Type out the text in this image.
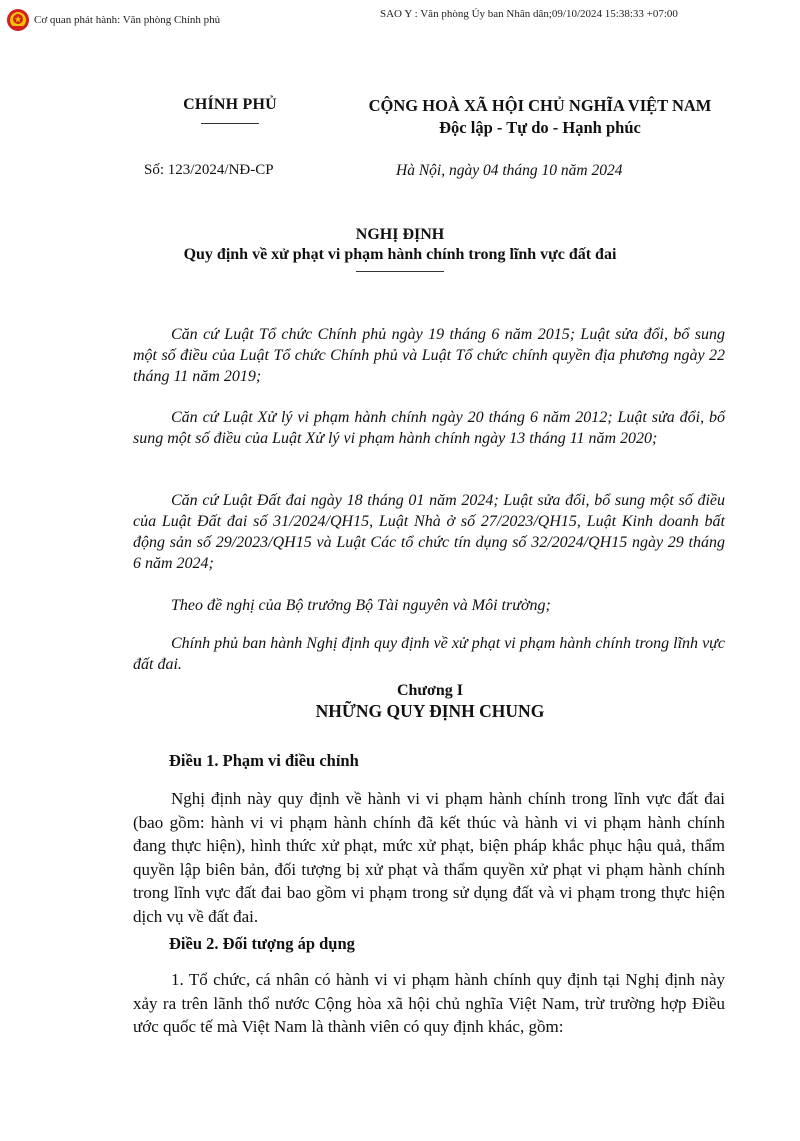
Cơ quan phát hành: Văn phòng Chính phủ	SAO Y : Văn phòng Ủy ban Nhân dân;09/10/2024 15:38:33 +07:00
CHÍNH PHỦ	CỘNG HOÀ XÃ HỘI CHỦ NGHĨA VIỆT NAM
Độc lập - Tự do - Hạnh phúc
Số: 123/2024/NĐ-CP	Hà Nội, ngày 04 tháng 10 năm 2024
NGHỊ ĐỊNH
Quy định về xử phạt vi phạm hành chính trong lĩnh vực đất đai
Căn cứ Luật Tổ chức Chính phủ ngày 19 tháng 6 năm 2015; Luật sửa đổi, bổ sung một số điều của Luật Tổ chức Chính phủ và Luật Tổ chức chính quyền địa phương ngày 22 tháng 11 năm 2019;
Căn cứ Luật Xử lý vi phạm hành chính ngày 20 tháng 6 năm 2012; Luật sửa đổi, bổ sung một số điều của Luật Xử lý vi phạm hành chính ngày 13 tháng 11 năm 2020;
Căn cứ Luật Đất đai ngày 18 tháng 01 năm 2024; Luật sửa đổi, bổ sung một số điều của Luật Đất đai số 31/2024/QH15, Luật Nhà ở số 27/2023/QH15, Luật Kinh doanh bất động sản số 29/2023/QH15 và Luật Các tổ chức tín dụng số 32/2024/QH15 ngày 29 tháng 6 năm 2024;
Theo đề nghị của Bộ trưởng Bộ Tài nguyên và Môi trường;
Chính phủ ban hành Nghị định quy định về xử phạt vi phạm hành chính trong lĩnh vực đất đai.
Chương I
NHỮNG QUY ĐỊNH CHUNG
Điều 1. Phạm vi điều chỉnh
Nghị định này quy định về hành vi vi phạm hành chính trong lĩnh vực đất đai (bao gồm: hành vi vi phạm hành chính đã kết thúc và hành vi vi phạm hành chính đang thực hiện), hình thức xử phạt, mức xử phạt, biện pháp khắc phục hậu quả, thẩm quyền lập biên bản, đối tượng bị xử phạt và thẩm quyền xử phạt vi phạm hành chính trong lĩnh vực đất đai bao gồm vi phạm trong sử dụng đất và vi phạm trong thực hiện dịch vụ về đất đai.
Điều 2. Đối tượng áp dụng
1. Tổ chức, cá nhân có hành vi vi phạm hành chính quy định tại Nghị định này xảy ra trên lãnh thổ nước Cộng hòa xã hội chủ nghĩa Việt Nam, trừ trường hợp Điều ước quốc tế mà Việt Nam là thành viên có quy định khác, gồm:
